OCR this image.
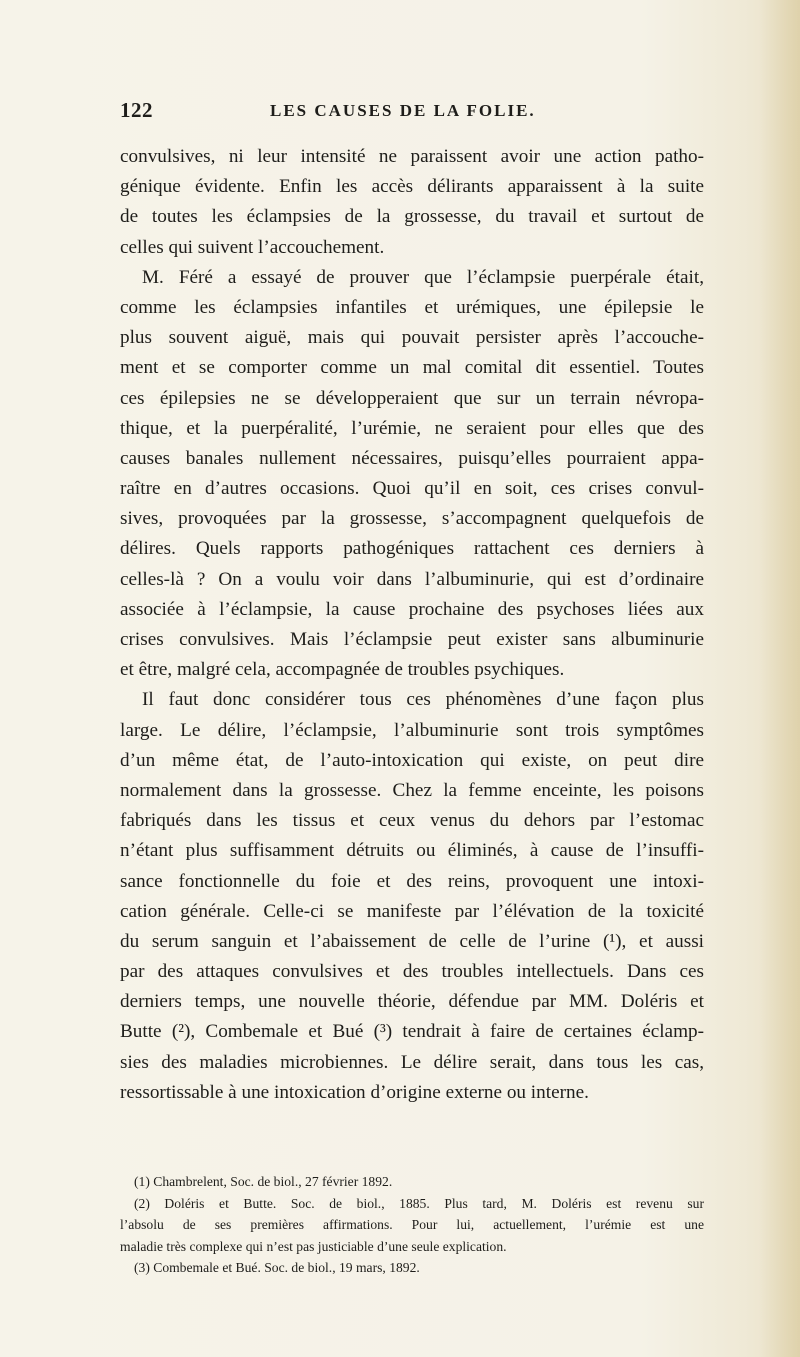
122	LES CAUSES DE LA FOLIE.
convulsives, ni leur intensité ne paraissent avoir une action patho-
génique évidente. Enfin les accès délirants apparaissent à la suite
de toutes les éclampsies de la grossesse, du travail et surtout de
celles qui suivent l’accouchement.
M. Féré a essayé de prouver que l’éclampsie puerpérale était,
comme les éclampsies infantiles et urémiques, une épilepsie le
plus souvent aiguë, mais qui pouvait persister après l’accouche-
ment et se comporter comme un mal comital dit essentiel. Toutes
ces épilepsies ne se développeraient que sur un terrain névropa-
thique, et la puerpéralité, l’urémie, ne seraient pour elles que des
causes banales nullement nécessaires, puisqu’elles pourraient appa-
raître en d’autres occasions. Quoi qu’il en soit, ces crises convul-
sives, provoquées par la grossesse, s’accompagnent quelquefois de
délires. Quels rapports pathogéniques rattachent ces derniers à
celles-là ? On a voulu voir dans l’albuminurie, qui est d’ordinaire
associée à l’éclampsie, la cause prochaine des psychoses liées aux
crises convulsives. Mais l’éclampsie peut exister sans albuminurie
et être, malgré cela, accompagnée de troubles psychiques.
Il faut donc considérer tous ces phénomènes d’une façon plus
large. Le délire, l’éclampsie, l’albuminurie sont trois symptômes
d’un même état, de l’auto-intoxication qui existe, on peut dire
normalement dans la grossesse. Chez la femme enceinte, les poisons
fabriqués dans les tissus et ceux venus du dehors par l’estomac
n’étant plus suffisamment détruits ou éliminés, à cause de l’insuffi-
sance fonctionnelle du foie et des reins, provoquent une intoxi-
cation générale. Celle-ci se manifeste par l’élévation de la toxicité
du serum sanguin et l’abaissement de celle de l’urine (¹), et aussi
par des attaques convulsives et des troubles intellectuels. Dans ces
derniers temps, une nouvelle théorie, défendue par MM. Doléris et
Butte (²), Combemale et Bué (³) tendrait à faire de certaines éclamp-
sies des maladies microbiennes. Le délire serait, dans tous les cas,
ressortissable à une intoxication d’origine externe ou interne.
(1) Chambrelent, Soc. de biol., 27 février 1892.
(2) Doléris et Butte. Soc. de biol., 1885. Plus tard, M. Doléris est revenu sur
l’absolu de ses premières affirmations. Pour lui, actuellement, l’urémie est une
maladie très complexe qui n’est pas justiciable d’une seule explication.
(3) Combemale et Bué. Soc. de biol., 19 mars, 1892.
